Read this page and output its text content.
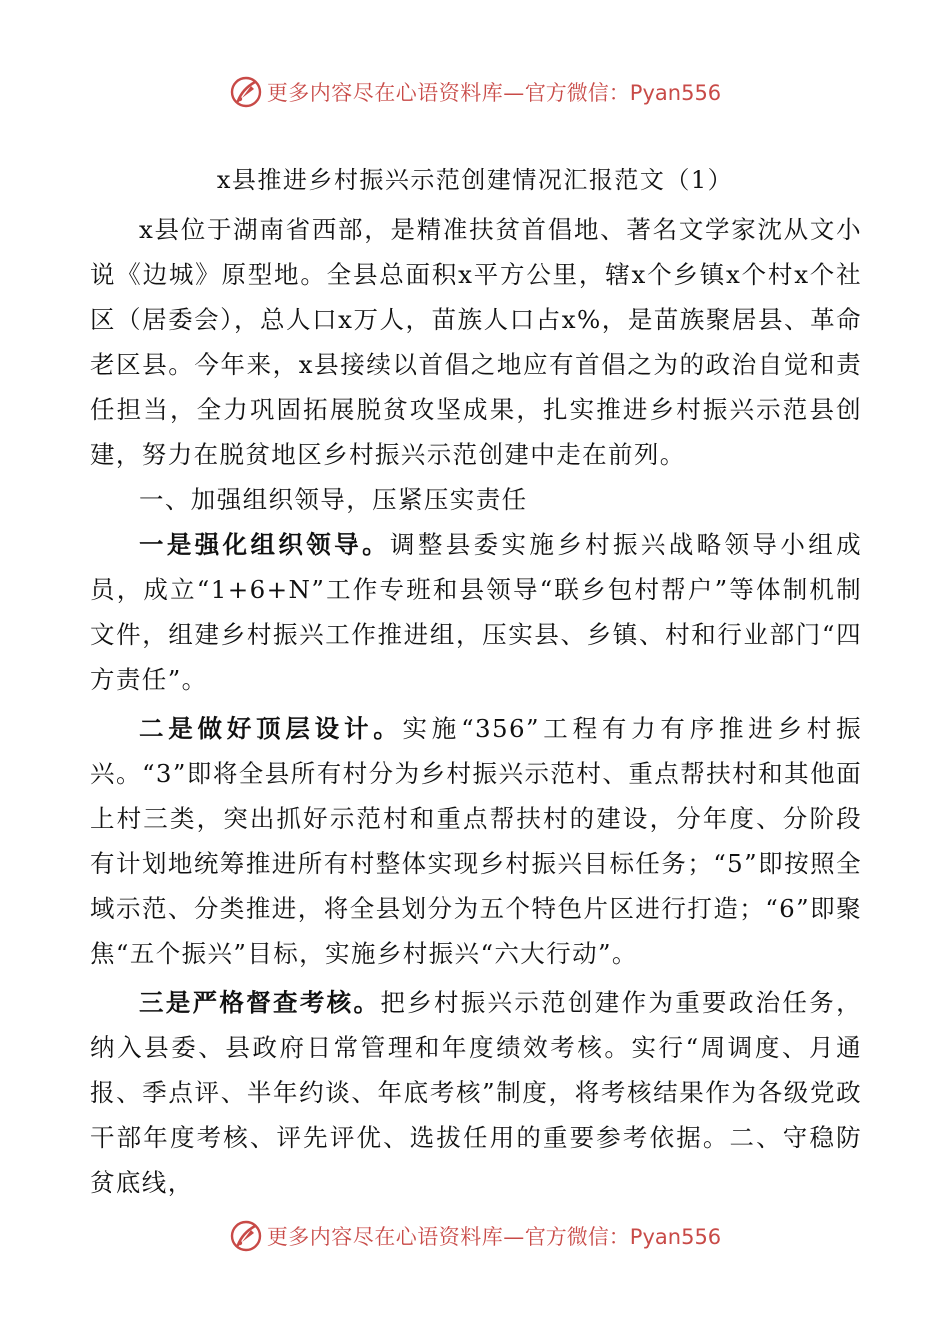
更多内容尽在心语资料库— 官方微信：Pyan556
x县推进乡村振兴示范创建情况汇报范文（1）

x县位于湖南省西部，是精准扶贫首倡地、著名文学家沈从文小说《边城》原型地。全县总面积x平方公里，辖x个乡镇x个村x个社区（居委会），总人口x万人，苗族人口占x%，是苗族聚居县、革命老区县。今年来，x县接续以首倡之地应有首倡之为的政治自觉和责任担当，全力巩固拓展脱贫攻坚成果，扎实推进乡村振兴示范县创建，努力在脱贫地区乡村振兴示范创建中走在前列。

一、加强组织领导，压紧压实责任

一是强化组织领导。调整县委实施乡村振兴战略领导小组成员，成立“1+6+N”工作专班和县领导“联乡包村帮户”等体制机制文件，组建乡村振兴工作推进组，压实县、乡镇、村和行业部门“四方责任”。

二是做好顶层设计。实施“356”工程有力有序推进乡村振兴。“3”即将全县所有村分为乡村振兴示范村、重点帮扶村和其他面上村三类，突出抓好示范村和重点帮扶村的建设，分年度、分阶段有计划地统筹推进所有村整体实现乡村振兴目标任务；“5”即按照全域示范、分类推进，将全县划分为五个特色片区进行打造；“6”即聚焦“五个振兴”目标，实施乡村振兴“六大行动”。

三是严格督查考核。把乡村振兴示范创建作为重要政治任务，纳入县委、县政府日常管理和年度绩效考核。实行“周调度、月通报、季点评、半年约谈、年底考核”制度，将考核结果作为各级党政干部年度考核、评先评优、选拔任用的重要参考依据。二、守稳防贫底线，

更多内容尽在心语资料库— 官方微信：Pyan556
